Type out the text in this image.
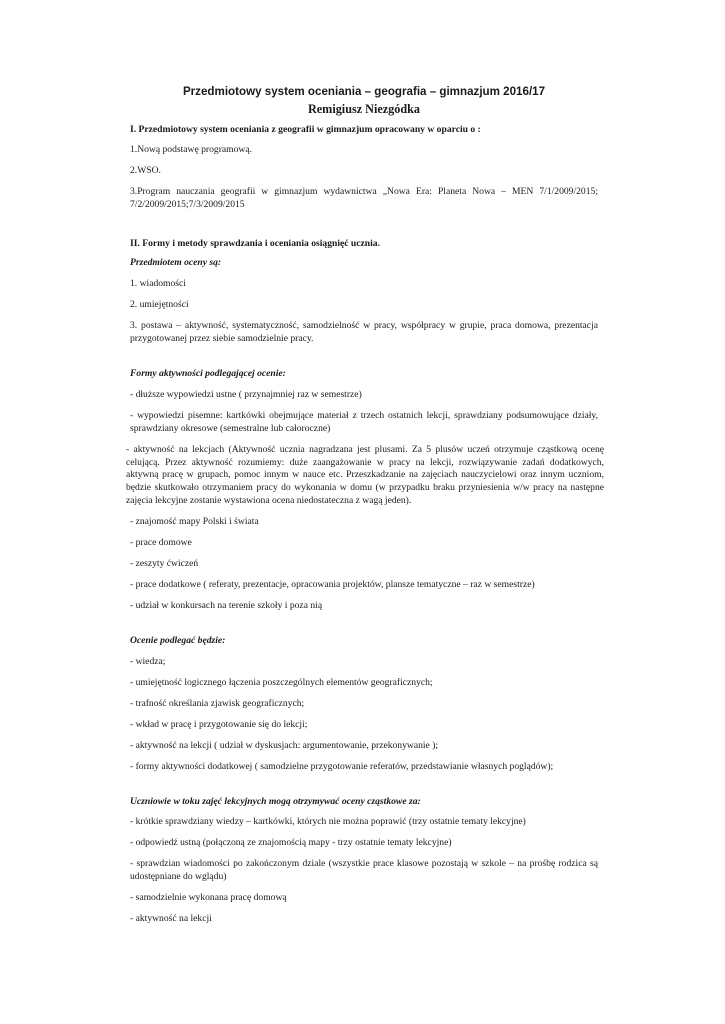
Przedmiotowy system oceniania – geografia – gimnazjum 2016/17

Remigiusz Niezgódka

I. Przedmiotowy system oceniania z geografii w gimnazjum opracowany w oparciu o :

1.Nową podstawę programową.

2.WSO.

3.Program nauczania geografii w gimnazjum wydawnictwa „Nowa Era: Planeta Nowa – MEN 7/1/2009/2015; 7/2/2009/2015;7/3/2009/2015

II. Formy i metody sprawdzania i oceniania osiągnięć ucznia.

Przedmiotem oceny są:

1. wiadomości

2. umiejętności

3. postawa – aktywność, systematyczność, samodzielność w pracy, współpracy w grupie, praca domowa, prezentacja przygotowanej przez siebie samodzielnie pracy.

Formy aktywności podlegającej ocenie:

- dłuższe wypowiedzi ustne ( przynajmniej raz w semestrze)

- wypowiedzi pisemne: kartkówki obejmujące materiał z trzech ostatnich lekcji, sprawdziany podsumowujące działy, sprawdziany okresowe (semestralne lub całoroczne)

- aktywność na lekcjach (Aktywność ucznia nagradzana jest plusami. Za 5 plusów uczeń otrzymuje cząstkową ocenę celującą. Przez aktywność rozumiemy: duże zaangażowanie w pracy na lekcji, rozwiązywanie zadań dodatkowych, aktywną pracę w grupach, pomoc innym w nauce etc. Przeszkadzanie na zajęciach nauczycielowi oraz innym uczniom, będzie skutkowało otrzymaniem pracy do wykonania w domu (w przypadku braku przyniesienia w/w pracy na następne zajęcia lekcyjne zostanie wystawiona ocena niedostateczna z wagą jeden).

- znajomość mapy Polski i świata

- prace domowe

- zeszyty ćwiczeń

- prace dodatkowe ( referaty, prezentacje, opracowania projektów, plansze tematyczne – raz w semestrze)

- udział w konkursach na terenie szkoły i poza nią

Ocenie podlegać będzie:

- wiedza;

- umiejętność logicznego łączenia poszczególnych elementów geograficznych;

- trafność określania zjawisk geograficznych;

- wkład w pracę i przygotowanie się do lekcji;

- aktywność na lekcji ( udział w dyskusjach: argumentowanie, przekonywanie );

- formy aktywności dodatkowej ( samodzielne przygotowanie referatów, przedstawianie własnych poglądów);

Uczniowie w toku zajęć lekcyjnych mogą otrzymywać oceny cząstkowe za:

- krótkie sprawdziany wiedzy – kartkówki, których nie można poprawić (trzy ostatnie tematy lekcyjne)

- odpowiedź ustną (połączoną ze znajomością mapy - trzy ostatnie tematy lekcyjne)

- sprawdzian wiadomości po zakończonym dziale (wszystkie prace klasowe pozostają w szkole – na prośbę rodzica są udostępniane do wglądu)

- samodzielnie wykonana pracę domową

- aktywność na lekcji
